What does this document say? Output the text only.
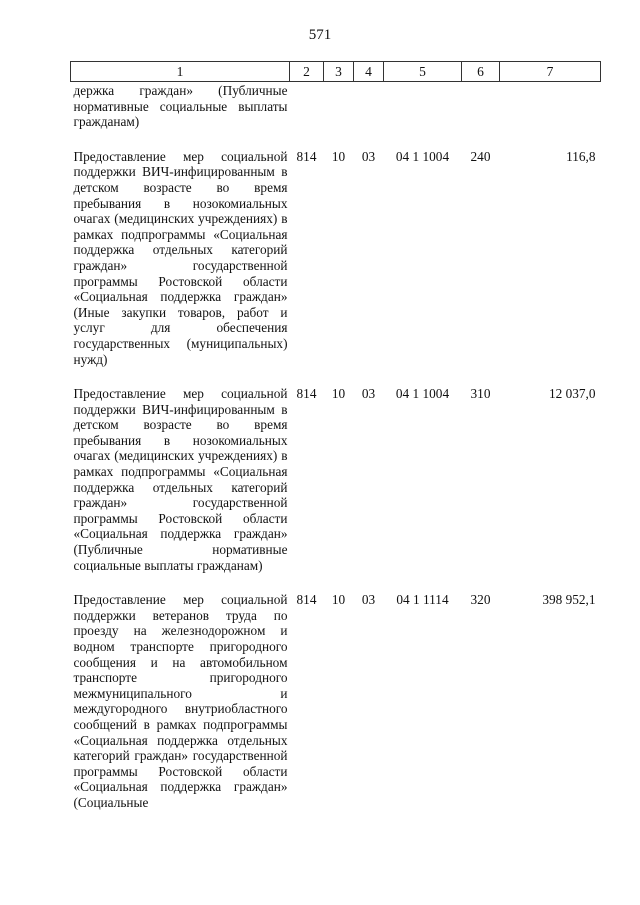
571
1	2	3	4	5	6	7
держка граждан» (Публичные нормативные социальные выплаты гражданам)						
Предоставление мер социальной поддержки ВИЧ-инфицированным в детском возрасте во время пребывания в нозокомиальных очагах (медицинских учреждениях) в рамках подпрограммы «Социальная поддержка отдельных категорий граждан» государственной программы Ростовской области «Социальная поддержка граждан» (Иные закупки товаров, работ и услуг для обеспечения государственных (муниципальных) нужд)	814	10	03	04 1 1004	240	116,8
Предоставление мер социальной поддержки ВИЧ-инфицированным в детском возрасте во время пребывания в нозокомиальных очагах (медицинских учреждениях) в рамках подпрограммы «Социальная поддержка отдельных категорий граждан» государственной программы Ростовской области «Социальная поддержка граждан» (Публичные нормативные социальные выплаты гражданам)	814	10	03	04 1 1004	310	12 037,0
Предоставление мер социальной поддержки ветеранов труда по проезду на железнодорожном и водном транспорте пригородного сообщения и на автомобильном транспорте пригородного межмуниципального и междугородного внутриобластного сообщений в рамках подпрограммы «Социальная поддержка отдельных категорий граждан» государственной программы Ростовской области «Социальная поддержка граждан» (Социальные	814	10	03	04 1 1114	320	398 952,1
